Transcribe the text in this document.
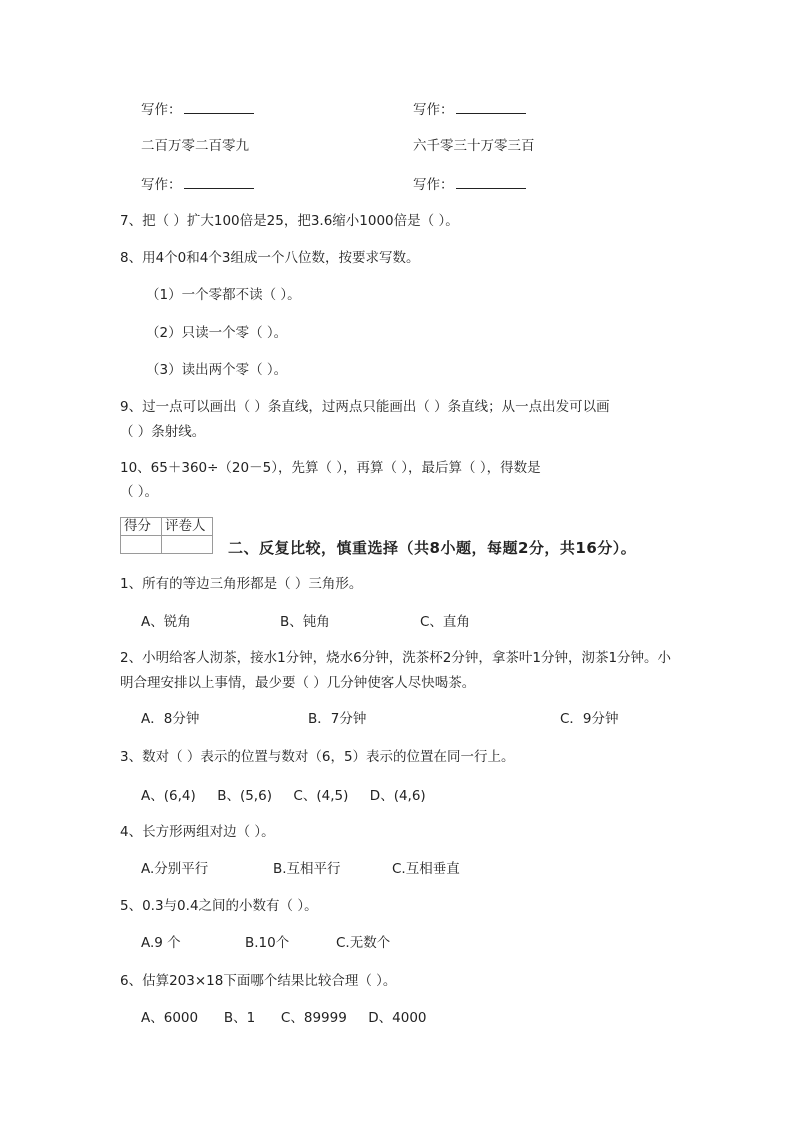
写作：	写作：
二百万零二百零九	六千零三十万零三百
写作：	写作：
7、把（ ）扩大100倍是25，把3.6缩小1000倍是（ ）。
8、用4个0和4个3组成一个八位数，按要求写数。
（1）一个零都不读（ ）。
（2）只读一个零（ ）。
（3）读出两个零（ ）。
9、过一点可以画出（ ）条直线，过两点只能画出（ ）条直线；从一点出发可以画
（ ）条射线。
10、65＋360÷（20－5），先算（ ），再算（ ），最后算（ ），得数是
（ ）。
得分	评卷人

二、反复比较，慎重选择（共8小题，每题2分，共16分）。
1、所有的等边三角形都是（ ）三角形。
A、锐角	B、钝角	C、直角
2、小明给客人沏茶，接水1分钟，烧水6分钟，洗茶杯2分钟，拿茶叶1分钟，沏茶1分钟。小
明合理安排以上事情，最少要（ ）几分钟使客人尽快喝茶。
A．8分钟	B．7分钟	C．9分钟
3、数对（ ）表示的位置与数对（6，5）表示的位置在同一行上。
A、(6,4)     B、(5,6)     C、(4,5)     D、(4,6)
4、长方形两组对边（ ）。
A.分别平行	B.互相平行	C.互相垂直
5、0.3与0.4之间的小数有（ ）。
A.9 个	B.10个	C.无数个
6、估算203×18下面哪个结果比较合理（ ）。
A、6000      B、1      C、89999     D、4000
